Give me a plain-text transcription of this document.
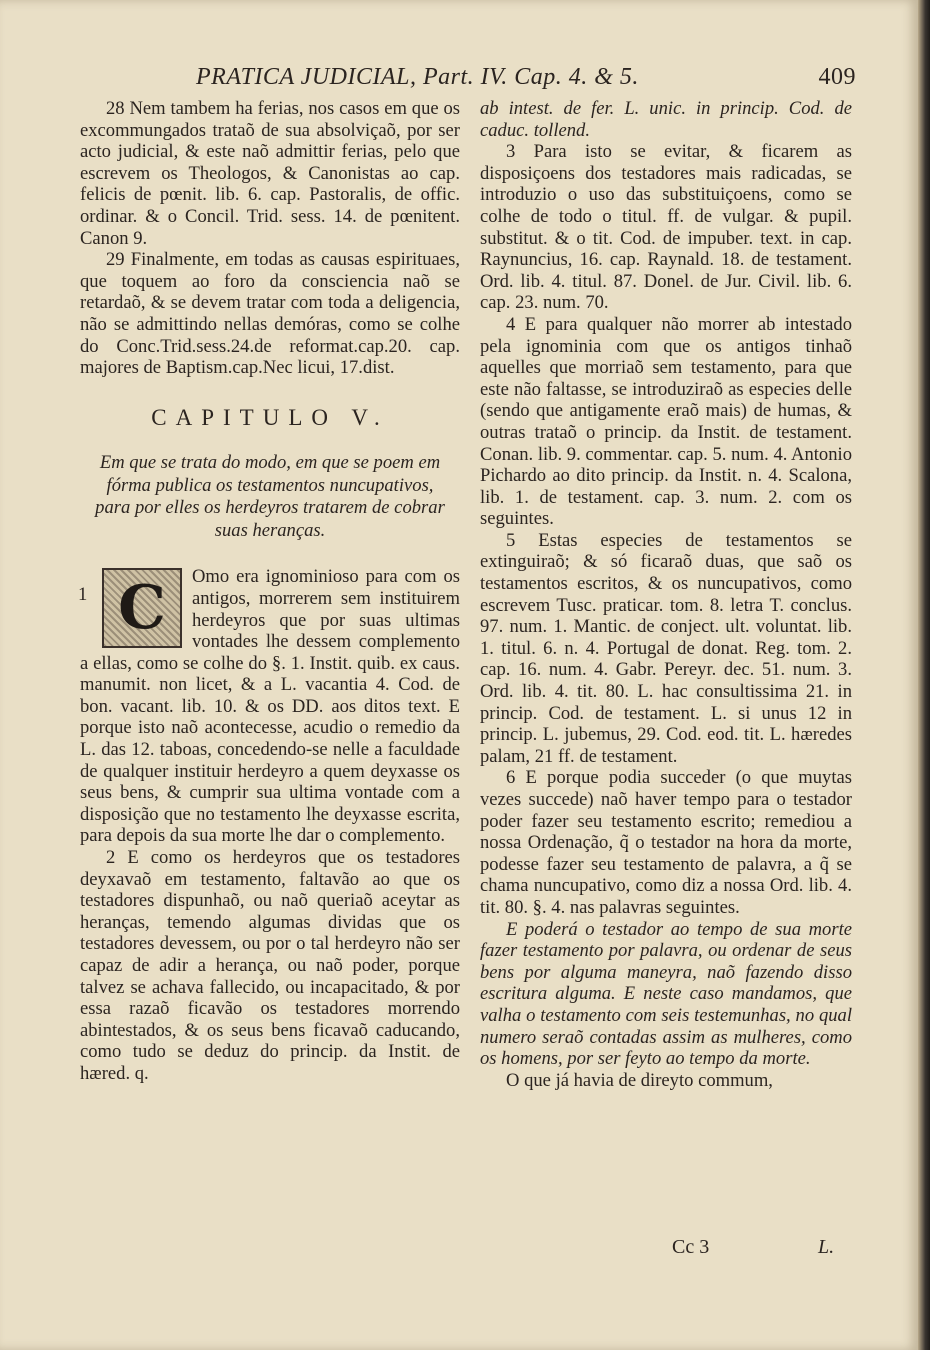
PRATICA JUDICIAL, Part. IV. Cap. 4. & 5.	409

28 Nem tambem ha ferias, nos casos em que os excommungados trataõ de sua absolviçaõ, por ser acto judicial, & este naõ admittir ferias, pelo que escrevem os Theologos, & Canonistas ao cap. felicis de pœnit. lib. 6. cap. Pastoralis, de offic. ordinar. & o Concil. Trid. sess. 14. de pœnitent. Canon 9.

29 Finalmente, em todas as causas espirituaes, que toquem ao foro da consciencia naõ se retardaõ, & se devem tratar com toda a deligencia, não se admittindo nellas demóras, como se colhe do Conc.Trid.sess.24.de reformat.cap.20. cap. majores de Baptism.cap.Nec licui, 17.dist.

CAPITULO V.
Em que se trata do modo, em que se poem em fórma publica os testamentos nuncupativos, para por elles os herdeyros tratarem de cobrar suas heranças.
1 C	Omo era ignominioso para com os antigos, morrerem sem instituirem herdeyros que por suas ultimas vontades lhe dessem complemento a ellas, como se colhe do §. 1. Instit. quib. ex caus. manumit. non licet, & a L. vacantia 4. Cod. de bon. vacant. lib. 10. & os DD. aos ditos text. E porque isto naõ acontecesse, acudio o remedio da L. das 12. taboas, concedendo-se nelle a faculdade de qualquer instituir herdeyro a quem deyxasse os seus bens, & cumprir sua ultima vontade com a disposição que no testamento lhe deyxasse escrita, para depois da sua morte lhe dar o complemento.

2 E como os herdeyros que os testadores deyxavaõ em testamento, faltavão ao que os testadores dispunhaõ, ou naõ queriaõ aceytar as heranças, temendo algumas dividas que os testadores devessem, ou por o tal herdeyro não ser capaz de adir a herança, ou naõ poder, porque talvez se achava fallecido, ou incapacitado, & por essa razaõ ficavão os testadores morrendo abintestados, & os seus bens ficavaõ caducando, como tudo se deduz do princip. da Instit. de hæred. q.

ab intest. de fer. L. unic. in princip. Cod. de caduc. tollend.

3 Para isto se evitar, & ficarem as disposiçoens dos testadores mais radicadas, se introduzio o uso das substituiçoens, como se colhe de todo o titul. ff. de vulgar. & pupil. substitut. & o tit. Cod. de impuber. text. in cap. Raynuncius, 16. cap. Raynald. 18. de testament. Ord. lib. 4. titul. 87. Donel. de Jur. Civil. lib. 6. cap. 23. num. 70.

4 E para qualquer não morrer ab intestado pela ignominia com que os antigos tinhaõ aquelles que morriaõ sem testamento, para que este não faltasse, se introduziraõ as especies delle (sendo que antigamente eraõ mais) de humas, & outras trataõ o princip. da Instit. de testament. Conan. lib. 9. commentar. cap. 5. num. 4. Antonio Pichardo ao dito princip. da Instit. n. 4. Scalona, lib. 1. de testament. cap. 3. num. 2. com os seguintes.

5 Estas especies de testamentos se extinguiraõ; & só ficaraõ duas, que saõ os testamentos escritos, & os nuncupativos, como escrevem Tusc. praticar. tom. 8. letra T. conclus. 97. num. 1. Mantic. de conject. ult. voluntat. lib. 1. titul. 6. n. 4. Portugal de donat. Reg. tom. 2. cap. 16. num. 4. Gabr. Pereyr. dec. 51. num. 3. Ord. lib. 4. tit. 80. L. hac consultissima 21. in princip. Cod. de testament. L. si unus 12 in princip. L. jubemus, 29. Cod. eod. tit. L. hæredes palam, 21 ff. de testament.

6 E porque podia succeder (o que muytas vezes succede) naõ haver tempo para o testador poder fazer seu testamento escrito; remediou a nossa Ordenação, q̃ o testador na hora da morte, podesse fazer seu testamento de palavra, a q̃ se chama nuncupativo, como diz a nossa Ord. lib. 4. tit. 80. §. 4. nas palavras seguintes.

E poderá o testador ao tempo de sua morte fazer testamento por palavra, ou ordenar de seus bens por alguma maneyra, naõ fazendo disso escritura alguma. E neste caso mandamos, que valha o testamento com seis testemunhas, no qual numero seraõ contadas assim as mulheres, como os homens, por ser feyto ao tempo da morte.

O que já havia de direyto commum,

Cc 3	L.
